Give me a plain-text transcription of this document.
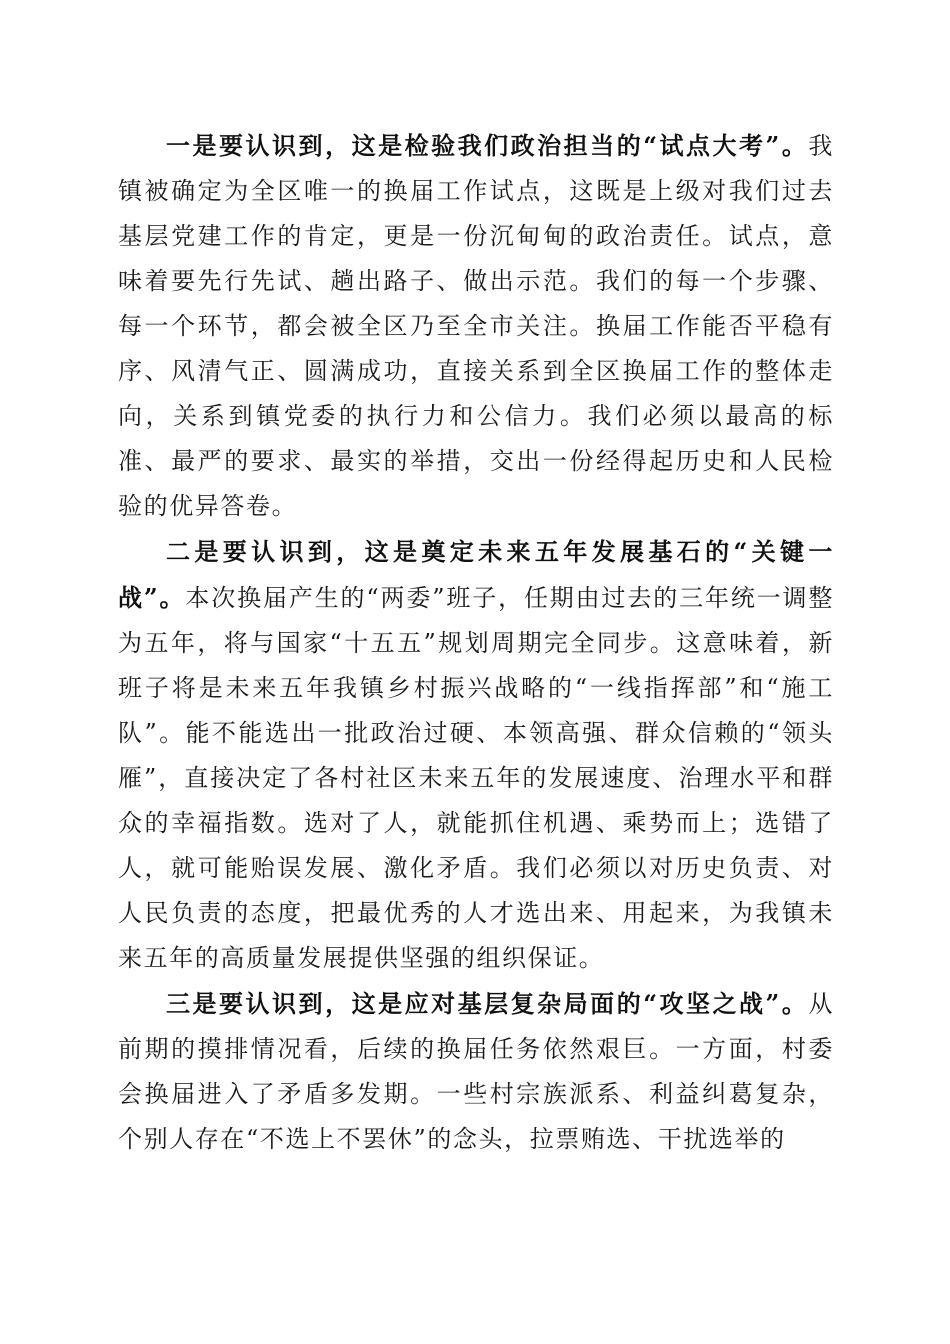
一是要认识到，这是检验我们政治担当的“试点大考”。我镇被确定为全区唯一的换届工作试点，这既是上级对我们过去基层党建工作的肯定，更是一份沉甸甸的政治责任。试点，意味着要先行先试、趟出路子、做出示范。我们的每一个步骤、每一个环节，都会被全区乃至全市关注。换届工作能否平稳有序、风清气正、圆满成功，直接关系到全区换届工作的整体走向，关系到镇党委的执行力和公信力。我们必须以最高的标准、最严的要求、最实的举措，交出一份经得起历史和人民检验的优异答卷。

二是要认识到，这是奠定未来五年发展基石的“关键一战”。本次换届产生的“两委”班子，任期由过去的三年统一调整为五年，将与国家“十五五”规划周期完全同步。这意味着，新班子将是未来五年我镇乡村振兴战略的“一线指挥部”和“施工队”。能不能选出一批政治过硬、本领高强、群众信赖的“领头雁”，直接决定了各村社区未来五年的发展速度、治理水平和群众的幸福指数。选对了人，就能抓住机遇、乘势而上；选错了人，就可能贻误发展、激化矛盾。我们必须以对历史负责、对人民负责的态度，把最优秀的人才选出来、用起来，为我镇未来五年的高质量发展提供坚强的组织保证。

三是要认识到，这是应对基层复杂局面的“攻坚之战”。从前期的摸排情况看，后续的换届任务依然艰巨。一方面，村委会换届进入了矛盾多发期。一些村宗族派系、利益纠葛复杂，个别人存在“不选上不罢休”的念头，拉票贿选、干扰选举的
